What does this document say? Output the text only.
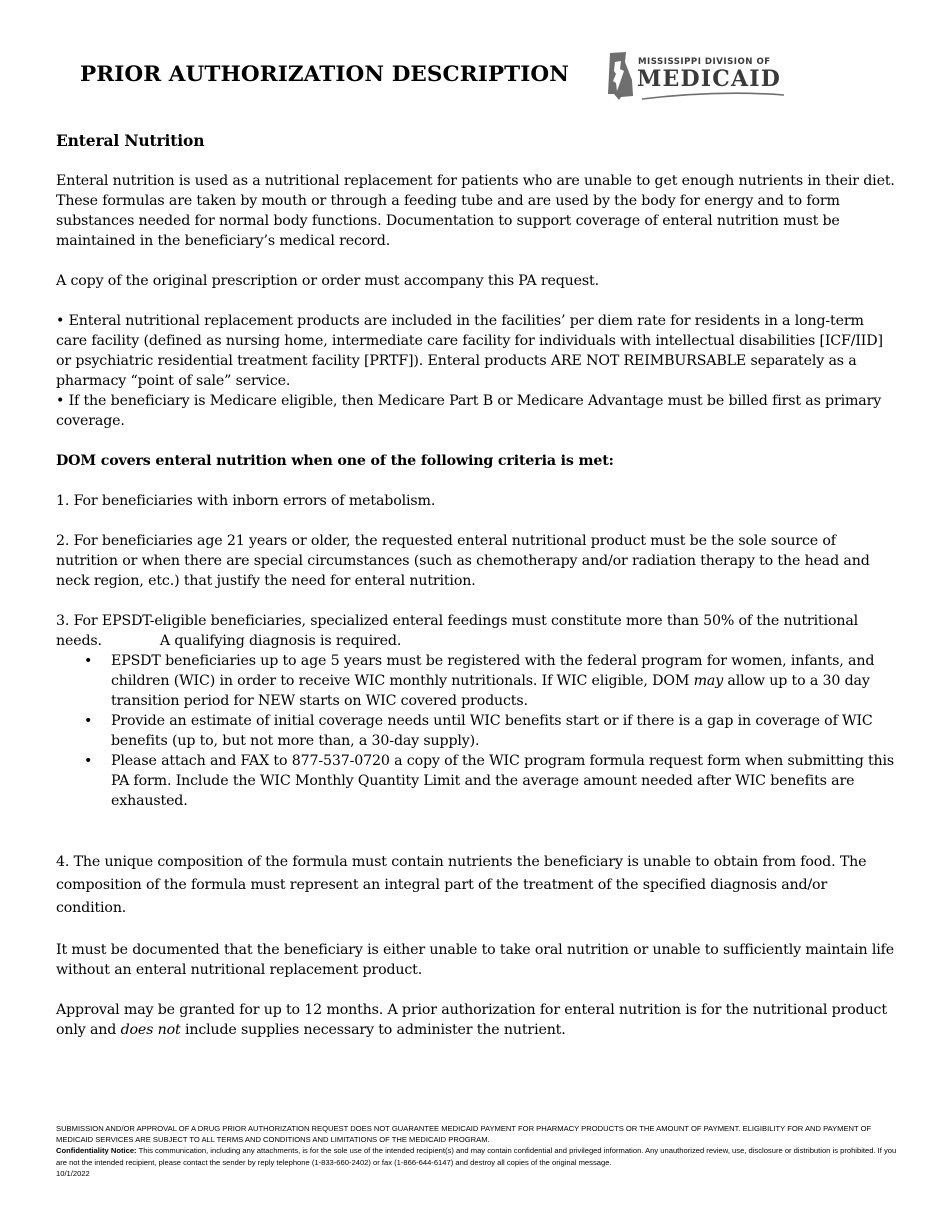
PRIOR AUTHORIZATION DESCRIPTION	MISSISSIPPI DIVISION OF
MEDICAID
Enteral Nutrition

Enteral nutrition is used as a nutritional replacement for patients who are unable to get enough nutrients in their diet. These formulas are taken by mouth or through a feeding tube and are used by the body for energy and to form substances needed for normal body functions. Documentation to support coverage of enteral nutrition must be maintained in the beneficiary’s medical record.

A copy of the original prescription or order must accompany this PA request.

• Enteral nutritional replacement products are included in the facilities’ per diem rate for residents in a long-term care facility (defined as nursing home, intermediate care facility for individuals with intellectual disabilities [ICF/IID] or psychiatric residential treatment facility [PRTF]). Enteral products ARE NOT REIMBURSABLE separately as a pharmacy “point of sale” service.

• If the beneficiary is Medicare eligible, then Medicare Part B or Medicare Advantage must be billed first as primary coverage.

DOM covers enteral nutrition when one of the following criteria is met:

1. For beneficiaries with inborn errors of metabolism.

2. For beneficiaries age 21 years or older, the requested enteral nutritional product must be the sole source of nutrition or when there are special circumstances (such as chemotherapy and/or radiation therapy to the head and neck region, etc.) that justify the need for enteral nutrition.

3. For EPSDT-eligible beneficiaries, specialized enteral feedings must constitute more than 50% of the nutritional needs.	A qualifying diagnosis is required.

• EPSDT beneficiaries up to age 5 years must be registered with the federal program for women, infants, and children (WIC) in order to receive WIC monthly nutritionals. If WIC eligible, DOM may allow up to a 30 day transition period for NEW starts on WIC covered products.
• Provide an estimate of initial coverage needs until WIC benefits start or if there is a gap in coverage of WIC benefits (up to, but not more than, a 30-day supply).
• Please attach and FAX to 877-537-0720 a copy of the WIC program formula request form when submitting this PA form. Include the WIC Monthly Quantity Limit and the average amount needed after WIC benefits are exhausted.

4. The unique composition of the formula must contain nutrients the beneficiary is unable to obtain from food. The composition of the formula must represent an integral part of the treatment of the specified diagnosis and/or condition.

It must be documented that the beneficiary is either unable to take oral nutrition or unable to sufficiently maintain life without an enteral nutritional replacement product.

Approval may be granted for up to 12 months. A prior authorization for enteral nutrition is for the nutritional product only and does not include supplies necessary to administer the nutrient.

SUBMISSION AND/OR APPROVAL OF A DRUG PRIOR AUTHORIZATION REQUEST DOES NOT GUARANTEE MEDICAID PAYMENT FOR PHARMACY PRODUCTS OR THE AMOUNT OF PAYMENT. ELIGIBILITY FOR AND PAYMENT OF MEDICAID SERVICES ARE SUBJECT TO ALL TERMS AND CONDITIONS AND LIMITATIONS OF THE MEDICAID PROGRAM.

Confidentiality Notice: This communication, including any attachments, is for the sole use of the intended recipient(s) and may contain confidential and privileged information. Any unauthorized review, use, disclosure or distribution is prohibited. If you are not the intended recipient, please contact the sender by reply telephone (1-833-660-2402) or fax (1-866-644-6147) and destroy all copies of the original message.

10/1/2022
